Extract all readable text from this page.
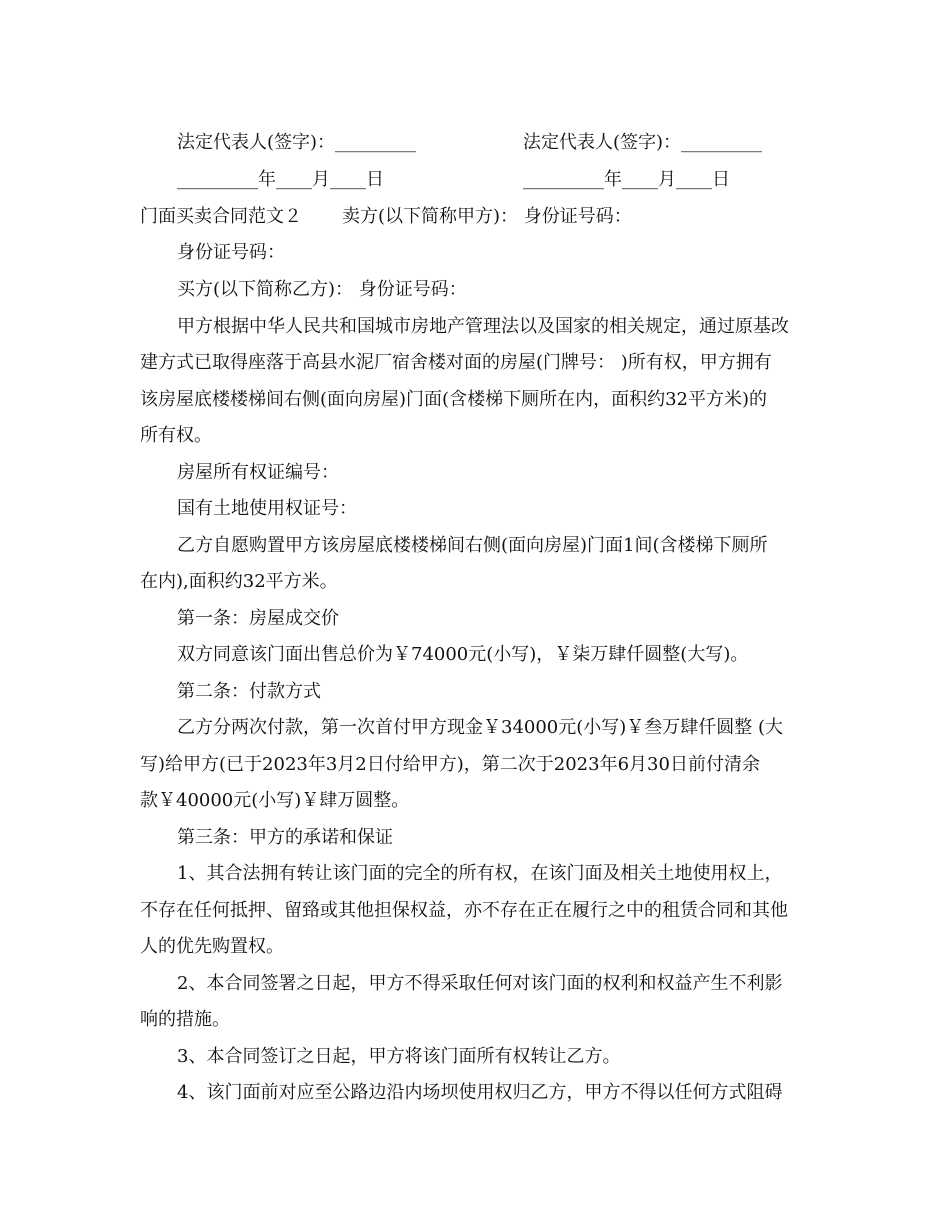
法定代表人(签字)：_________	法定代表人(签字)：_________
_________年____月____日	_________年____月____日
门面买卖合同范文２ 卖方(以下简称甲方)： 身份证号码：
身份证号码：
买方(以下简称乙方)： 身份证号码：
甲方根据中华人民共和国城市房地产管理法以及国家的相关规定，通过原基改
建方式已取得座落于高县水泥厂宿舍楼对面的房屋(门牌号： )所有权，甲方拥有
该房屋底楼楼梯间右侧(面向房屋)门面(含楼梯下厕所在内，面积约32平方米)的
所有权。
房屋所有权证编号：
国有土地使用权证号：
乙方自愿购置甲方该房屋底楼楼梯间右侧(面向房屋)门面1间(含楼梯下厕所
在内),面积约32平方米。
第一条：房屋成交价
双方同意该门面出售总价为￥74000元(小写)，￥柒万肆仟圆整(大写)。
第二条：付款方式
乙方分两次付款，第一次首付甲方现金￥34000元(小写)￥叁万肆仟圆整 (大
写)给甲方(已于2023年3月2日付给甲方)，第二次于2023年6月30日前付清余
款￥40000元(小写)￥肆万圆整。
第三条：甲方的承诺和保证
1、其合法拥有转让该门面的完全的所有权，在该门面及相关土地使用权上，
不存在任何抵押、留臵或其他担保权益，亦不存在正在履行之中的租赁合同和其他
人的优先购置权。
2、本合同签署之日起，甲方不得采取任何对该门面的权利和权益产生不利影
响的措施。
3、本合同签订之日起，甲方将该门面所有权转让乙方。
4、该门面前对应至公路边沿内场坝使用权归乙方，甲方不得以任何方式阻碍
